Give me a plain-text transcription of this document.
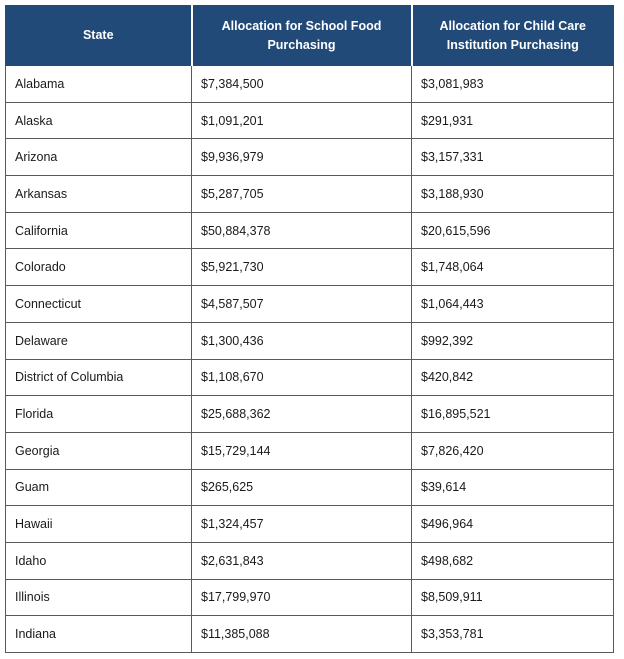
State	Allocation for School Food Purchasing	Allocation for Child Care Institution Purchasing
Alabama	$7,384,500	$3,081,983
Alaska	$1,091,201	$291,931
Arizona	$9,936,979	$3,157,331
Arkansas	$5,287,705	$3,188,930
California	$50,884,378	$20,615,596
Colorado	$5,921,730	$1,748,064
Connecticut	$4,587,507	$1,064,443
Delaware	$1,300,436	$992,392
District of Columbia	$1,108,670	$420,842
Florida	$25,688,362	$16,895,521
Georgia	$15,729,144	$7,826,420
Guam	$265,625	$39,614
Hawaii	$1,324,457	$496,964
Idaho	$2,631,843	$498,682
Illinois	$17,799,970	$8,509,911
Indiana	$11,385,088	$3,353,781
